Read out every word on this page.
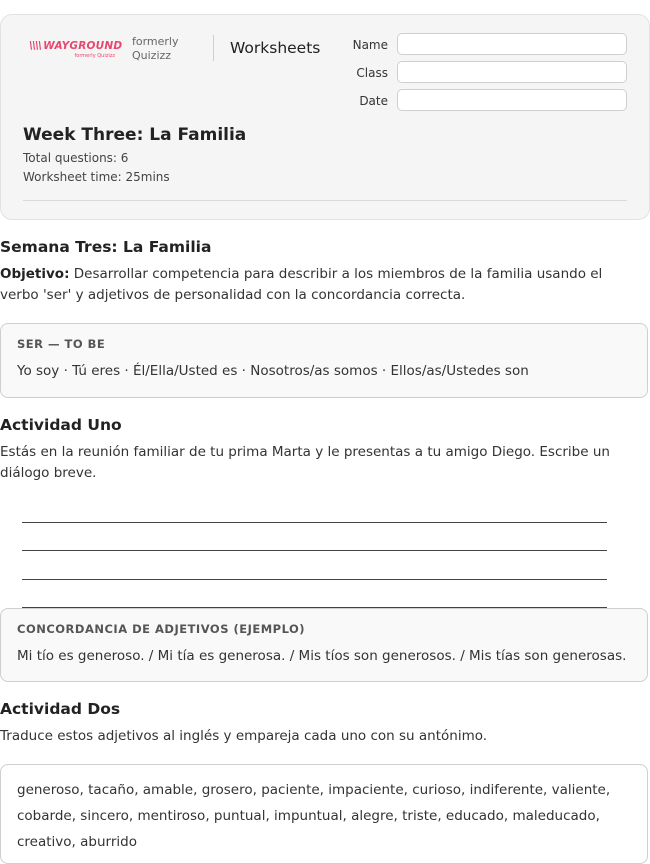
\\\\ WAYGROUND
formerly Quizizz
formerly Quizizz	Worksheets	Name
Class
Date
Week Three: La Familia
Total questions: 6
Worksheet time: 25mins
Semana Tres: La Familia
Objetivo: Desarrollar competencia para describir a los miembros de la familia usando el verbo 'ser' y adjetivos de personalidad con la concordancia correcta.
SER — TO BE
Yo soy · Tú eres · Él/Ella/Usted es · Nosotros/as somos · Ellos/as/Ustedes son
Actividad Uno
Estás en la reunión familiar de tu prima Marta y le presentas a tu amigo Diego. Escribe un diálogo breve.
CONCORDANCIA DE ADJETIVOS (EJEMPLO)
Mi tío es generoso. / Mi tía es generosa. / Mis tíos son generosos. / Mis tías son generosas.
Actividad Dos
Traduce estos adjetivos al inglés y empareja cada uno con su antónimo.
generoso, tacaño, amable, grosero, paciente, impaciente, curioso, indiferente, valiente, cobarde, sincero, mentiroso, puntual, impuntual, alegre, triste, educado, maleducado, creativo, aburrido
